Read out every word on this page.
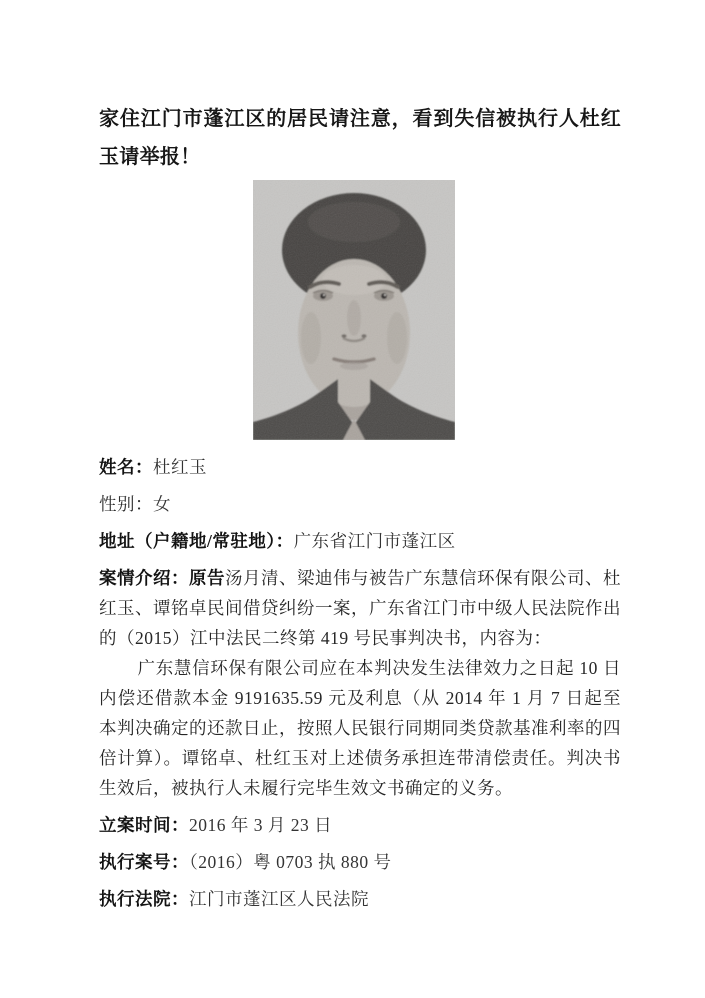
家住江门市蓬江区的居民请注意，看到失信被执行人杜红玉请举报！

姓名：杜红玉

性别：女

地址（户籍地/常驻地）：广东省江门市蓬江区

案情介绍：原告汤月清、梁迪伟与被告广东慧信环保有限公司、杜红玉、谭铭卓民间借贷纠纷一案，广东省江门市中级人民法院作出的（2015）江中法民二终第 419 号民事判决书，内容为：

广东慧信环保有限公司应在本判决发生法律效力之日起 10 日内偿还借款本金 9191635.59 元及利息（从 2014 年 1 月 7 日起至本判决确定的还款日止，按照人民银行同期同类贷款基准利率的四倍计算）。谭铭卓、杜红玉对上述债务承担连带清偿责任。判决书生效后，被执行人未履行完毕生效文书确定的义务。

立案时间：2016 年 3 月 23 日

执行案号：（2016）粤 0703 执 880 号

执行法院：江门市蓬江区人民法院
